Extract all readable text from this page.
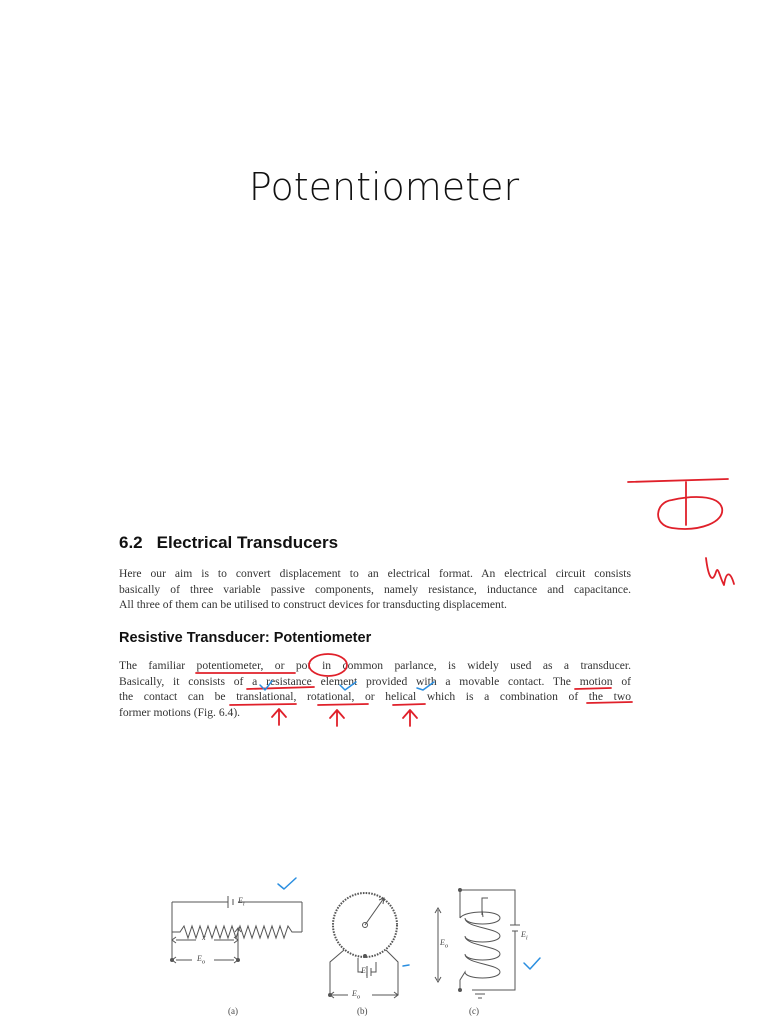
Potentiometer
6.2 Electrical Transducers
Here our aim is to convert displacement to an electrical format. An electrical circuit consists
basically of three variable passive components, namely resistance, inductance and capacitance.
All three of them can be utilised to construct devices for transducting displacement.
Resistive Transducer: Potentiometer
The familiar potentiometer, or pot in common parlance, is widely used as a transducer.
Basically, it consists of a resistance element provided with a movable contact. The motion of
the contact can be translational, rotational, or helical which is a combination of the two
former motions (Fig. 6.4).
$E_i$
x
$E_o$
$E_i$
$E_o$
$E_o$
$E_i$
(a)	(b)	(c)
